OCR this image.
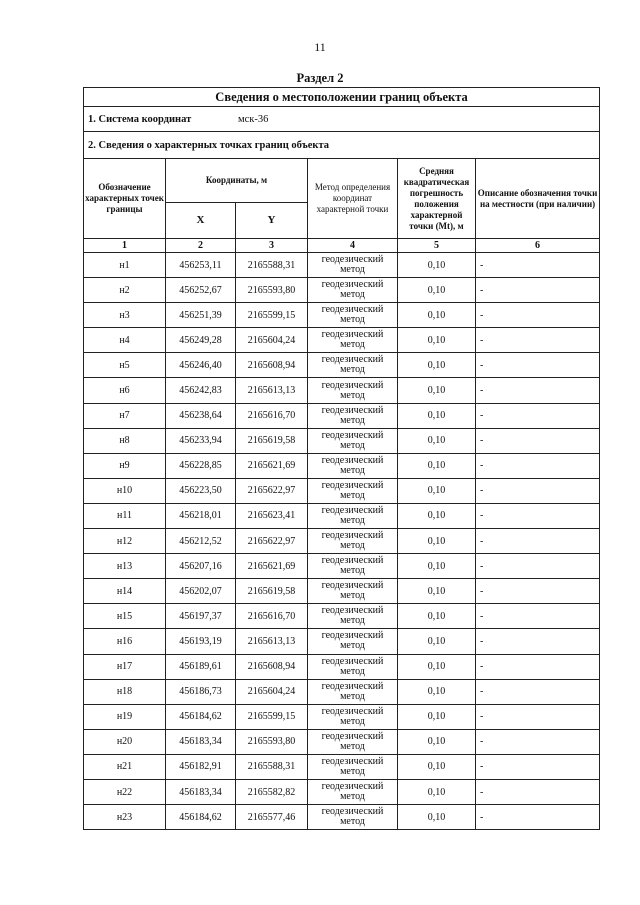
11
Раздел 2
Сведения о местоположении границ объекта					
1. Система координат мск-36					
2. Сведения о характерных точках границ объекта					
Обозначение характерных точек границы	Координаты, м		Метод определения координат характерной точки	Средняя квадратическая погрешность положения характерной точки (Мt), м	Описание обозначения точки на местности (при наличии)
	X	Y			
1	2	3	4	5	6
н1	456253,11	2165588,31	геодезический метод	0,10	-
н2	456252,67	2165593,80	геодезический метод	0,10	-
н3	456251,39	2165599,15	геодезический метод	0,10	-
н4	456249,28	2165604,24	геодезический метод	0,10	-
н5	456246,40	2165608,94	геодезический метод	0,10	-
н6	456242,83	2165613,13	геодезический метод	0,10	-
н7	456238,64	2165616,70	геодезический метод	0,10	-
н8	456233,94	2165619,58	геодезический метод	0,10	-
н9	456228,85	2165621,69	геодезический метод	0,10	-
н10	456223,50	2165622,97	геодезический метод	0,10	-
н11	456218,01	2165623,41	геодезический метод	0,10	-
н12	456212,52	2165622,97	геодезический метод	0,10	-
н13	456207,16	2165621,69	геодезический метод	0,10	-
н14	456202,07	2165619,58	геодезический метод	0,10	-
н15	456197,37	2165616,70	геодезический метод	0,10	-
н16	456193,19	2165613,13	геодезический метод	0,10	-
н17	456189,61	2165608,94	геодезический метод	0,10	-
н18	456186,73	2165604,24	геодезический метод	0,10	-
н19	456184,62	2165599,15	геодезический метод	0,10	-
н20	456183,34	2165593,80	геодезический метод	0,10	-
н21	456182,91	2165588,31	геодезический метод	0,10	-
н22	456183,34	2165582,82	геодезический метод	0,10	-
н23	456184,62	2165577,46	геодезический метод	0,10	-
